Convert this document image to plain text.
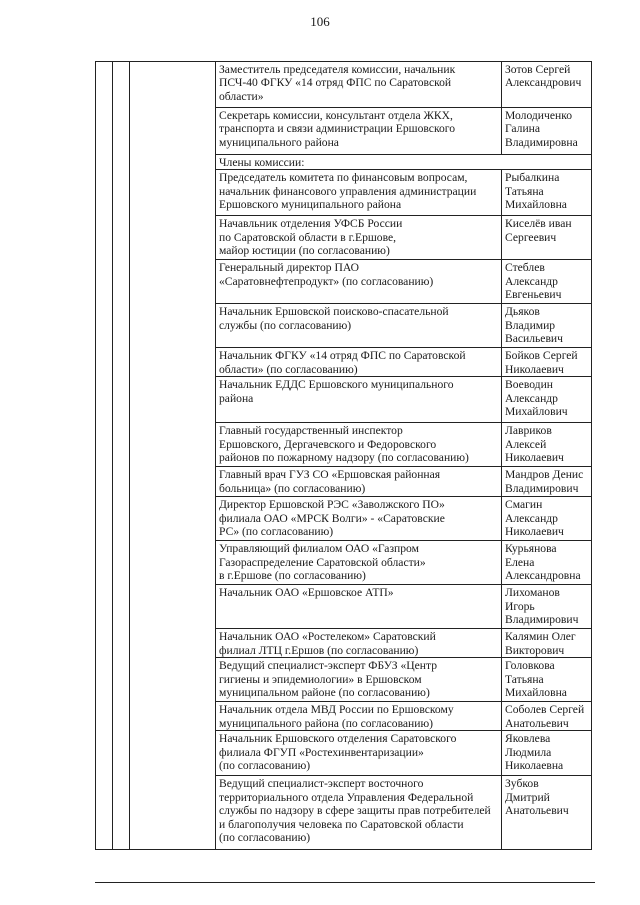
106
			Заместитель председателя комиссии, начальник
ПСЧ-40 ФГКУ «14 отряд ФПС по Саратовской
области»	Зотов Сергей
Александрович
			Секретарь комиссии, консультант отдела ЖКХ,
транспорта и связи администрации Ершовского
муниципального района	Молодиченко
Галина
Владимировна
			Члены комиссии:	
			Председатель комитета по финансовым вопросам,
начальник финансового управления администрации
Ершовского муниципального района	Рыбалкина
Татьяна
Михайловна
			Начавльник отделения УФСБ России
по Саратовской области в г.Ершове,
майор юстиции (по согласованию)	Киселёв иван
Сергеевич
			Генеральный директор ПАО
«Саратовнефтепродукт» (по согласованию)	Стеблев
Александр
Евгеньевич
			Начальник Ершовской поисково-спасательной
службы (по согласованию)	Дьяков
Владимир
Васильевич
			Начальник ФГКУ «14 отряд ФПС по Саратовской
области» (по согласованию)	Бойков Сергей
Николаевич
			Начальник ЕДДС Ершовского муниципального
района	Воеводин
Александр
Михайлович
			Главный государственный инспектор
Ершовского, Дергачевского и Федоровского
районов по пожарному надзору (по согласованию)	Лавриков
Алексей
Николаевич
			Главный врач ГУЗ СО «Ершовская районная
больница» (по согласованию)	Мандров Денис
Владимирович
			Директор Ершовской РЭС «Заволжского ПО»
филиала ОАО «МРСК Волги» - «Саратовские
РС» (по согласованию)	Смагин
Александр
Николаевич
			Управляющий филиалом ОАО «Газпром
Газораспределение Саратовской области»
в г.Ершове (по согласованию)	Курьянова
Елена
Александровна
			Начальник ОАО «Ершовское АТП»	Лихоманов
Игорь
Владимирович
			Начальник ОАО «Ростелеком» Саратовский
филиал ЛТЦ г.Ершов (по согласованию)	Калямин Олег
Викторович
			Ведущий специалист-эксперт ФБУЗ «Центр
гигиены и эпидемиологии» в Ершовском
муниципальном районе (по согласованию)	Головкова
Татьяна
Михайловна
			Начальник отдела МВД России по Ершовскому
муниципального района (по согласованию)	Соболев Сергей
Анатольевич
			Начальник Ершовского отделения Саратовского
филиала ФГУП «Ростехинвентаризации»
(по согласованию)	Яковлева
Людмила
Николаевна
			Ведущий специалист-эксперт восточного
территориального отдела Управления Федеральной
службы по надзору в сфере защиты прав потребителей
и благополучия человека по Саратовской области
(по согласованию)	Зубков
Дмитрий
Анатольевич
